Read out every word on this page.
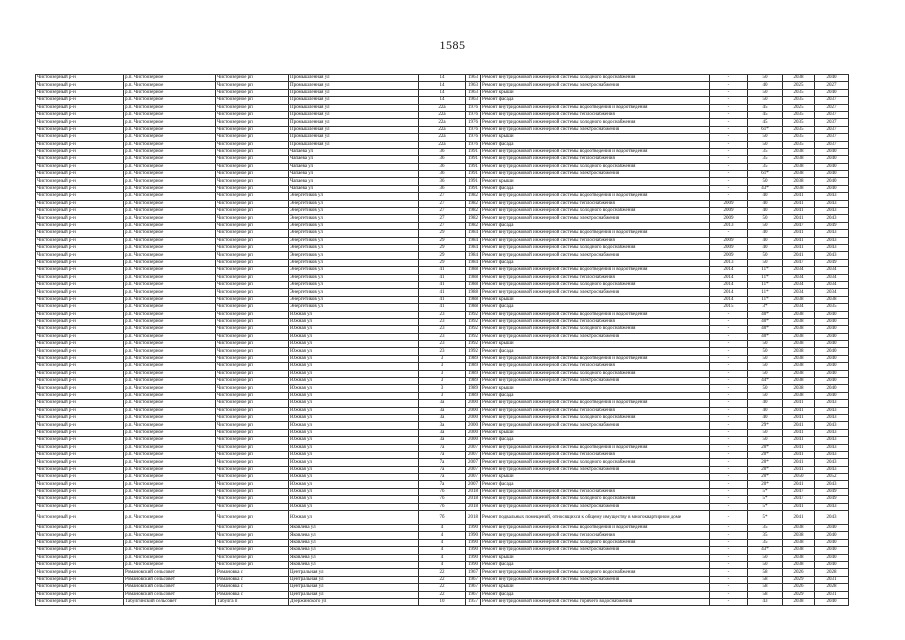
1585
Чистоозерный р-н	р.п. Чистоозерное	Чистоозерное рп	Промышленная ул	14	1963	Ремонт внутридомовой инженерной системы холодного водоснабжения	-	50	2038	2040
Чистоозерный р-н	р.п. Чистоозерное	Чистоозерное рп	Промышленная ул	14	1963	Ремонт внутридомовой инженерной системы электроснабжения	-	40	2025	2027
Чистоозерный р-н	р.п. Чистоозерное	Чистоозерное рп	Промышленная ул	14	1963	Ремонт крыши	-	50	2035	2040
Чистоозерный р-н	р.п. Чистоозерное	Чистоозерное рп	Промышленная ул	14	1963	Ремонт фасада	-	50	2035	2037
Чистоозерный р-н	р.п. Чистоозерное	Чистоозерное рп	Промышленная ул	22а	1976	Ремонт внутридомовой инженерной системы водоотведения и водоотведения	-	45	2025	2027
Чистоозерный р-н	р.п. Чистоозерное	Чистоозерное рп	Промышленная ул	22а	1976	Ремонт внутридомовой инженерной системы теплоснабжения	-	45	2035	2037
Чистоозерный р-н	р.п. Чистоозерное	Чистоозерное рп	Промышленная ул	22а	1976	Ремонт внутридомовой инженерной системы холодного водоснабжения	-	45	2035	2037
Чистоозерный р-н	р.п. Чистоозерное	Чистоозерное рп	Промышленная ул	22а	1976	Ремонт внутридомовой инженерной системы электроснабжения	-	61*	2035	2037
Чистоозерный р-н	р.п. Чистоозерное	Чистоозерное рп	Промышленная ул	22а	1976	Ремонт крыши	-	50	2035	2037
Чистоозерный р-н	р.п. Чистоозерное	Чистоозерное рп	Промышленная ул	22а	1976	Ремонт фасада	-	50	2035	2037
Чистоозерный р-н	р.п. Чистоозерное	Чистоозерное рп	Чапаева ул	36	1991	Ремонт внутридомовой инженерной системы водоотведения и водоотведения	-	35	2038	2040
Чистоозерный р-н	р.п. Чистоозерное	Чистоозерное рп	Чапаева ул	36	1991	Ремонт внутридомовой инженерной системы теплоснабжения	-	35	2038	2040
Чистоозерный р-н	р.п. Чистоозерное	Чистоозерное рп	Чапаева ул	36	1991	Ремонт внутридомовой инженерной системы холодного водоснабжения	-	35	2038	2040
Чистоозерный р-н	р.п. Чистоозерное	Чистоозерное рп	Чапаева ул	36	1991	Ремонт внутридомовой инженерной системы электроснабжения	-	61*	2038	2040
Чистоозерный р-н	р.п. Чистоозерное	Чистоозерное рп	Чапаева ул	36	1991	Ремонт крыши	-	50	2038	2040
Чистоозерный р-н	р.п. Чистоозерное	Чистоозерное рп	Чапаева ул	36	1991	Ремонт фасада	-	43*	2038	2040
Чистоозерный р-н	р.п. Чистоозерное	Чистоозерное рп	Энергетиков ул	27	1982	Ремонт внутридомовой инженерной системы водоотведения и водоотведения	-	40	2041	2043
Чистоозерный р-н	р.п. Чистоозерное	Чистоозерное рп	Энергетиков ул	27	1982	Ремонт внутридомовой инженерной системы теплоснабжения	2009	40	2041	2043
Чистоозерный р-н	р.п. Чистоозерное	Чистоозерное рп	Энергетиков ул	27	1982	Ремонт внутридомовой инженерной системы холодного водоснабжения	2009	40	2041	2043
Чистоозерный р-н	р.п. Чистоозерное	Чистоозерное рп	Энергетиков ул	27	1982	Ремонт внутридомовой инженерной системы электроснабжения	2009	50	2041	2043
Чистоозерный р-н	р.п. Чистоозерное	Чистоозерное рп	Энергетиков ул	27	1982	Ремонт фасада	2013	50	2047	2049
Чистоозерный р-н	р.п. Чистоозерное	Чистоозерное рп	Энергетиков ул	29	1984	Ремонт внутридомовой инженерной системы водоотведения и водоотведения	-	40	2041	2043
Чистоозерный р-н	р.п. Чистоозерное	Чистоозерное рп	Энергетиков ул	29	1984	Ремонт внутридомовой инженерной системы теплоснабжения	2009	40	2041	2043
Чистоозерный р-н	р.п. Чистоозерное	Чистоозерное рп	Энергетиков ул	29	1984	Ремонт внутридомовой инженерной системы холодного водоснабжения	2009	40	2041	2043
Чистоозерный р-н	р.п. Чистоозерное	Чистоозерное рп	Энергетиков ул	29	1984	Ремонт внутридомовой инженерной системы электроснабжения	2009	50	2041	2043
Чистоозерный р-н	р.п. Чистоозерное	Чистоозерное рп	Энергетиков ул	29	1984	Ремонт фасада	2013	50	2047	2049
Чистоозерный р-н	р.п. Чистоозерное	Чистоозерное рп	Энергетиков ул	41	1988	Ремонт внутридомовой инженерной системы водоотведения и водоотведения	2014	11*	2034	2034
Чистоозерный р-н	р.п. Чистоозерное	Чистоозерное рп	Энергетиков ул	41	1988	Ремонт внутридомовой инженерной системы теплоснабжения	2014	11*	2034	2034
Чистоозерный р-н	р.п. Чистоозерное	Чистоозерное рп	Энергетиков ул	41	1988	Ремонт внутридомовой инженерной системы холодного водоснабжения	2014	11*	2034	2034
Чистоозерный р-н	р.п. Чистоозерное	Чистоозерное рп	Энергетиков ул	41	1988	Ремонт внутридомовой инженерной системы электроснабжения	2014	11*	2034	2034
Чистоозерный р-н	р.п. Чистоозерное	Чистоозерное рп	Энергетиков ул	41	1988	Ремонт крыши	2014	11*	2038	2038
Чистоозерный р-н	р.п. Чистоозерное	Чистоозерное рп	Энергетиков ул	41	1988	Ремонт фасада	2015	3*	2034	2035
Чистоозерный р-н	р.п. Чистоозерное	Чистоозерное рп	Южная ул	23	1992	Ремонт внутридомовой инженерной системы водоотведения и водоотведения	-	40*	2038	2040
Чистоозерный р-н	р.п. Чистоозерное	Чистоозерное рп	Южная ул	23	1992	Ремонт внутридомовой инженерной системы теплоснабжения	-	40*	2038	2040
Чистоозерный р-н	р.п. Чистоозерное	Чистоозерное рп	Южная ул	23	1992	Ремонт внутридомовой инженерной системы холодного водоснабжения	-	40*	2038	2040
Чистоозерный р-н	р.п. Чистоозерное	Чистоозерное рп	Южная ул	23	1992	Ремонт внутридомовой инженерной системы электроснабжения	-	40*	2038	2040
Чистоозерный р-н	р.п. Чистоозерное	Чистоозерное рп	Южная ул	23	1992	Ремонт крыши	-	50	2038	2040
Чистоозерный р-н	р.п. Чистоозерное	Чистоозерное рп	Южная ул	23	1992	Ремонт фасада	-	50	2038	2040
Чистоозерный р-н	р.п. Чистоозерное	Чистоозерное рп	Южная ул	3	1989	Ремонт внутридомовой инженерной системы водоотведения и водоотведения	-	50	2038	2040
Чистоозерный р-н	р.п. Чистоозерное	Чистоозерное рп	Южная ул	3	1989	Ремонт внутридомовой инженерной системы теплоснабжения	-	50	2038	2040
Чистоозерный р-н	р.п. Чистоозерное	Чистоозерное рп	Южная ул	3	1989	Ремонт внутридомовой инженерной системы холодного водоснабжения	-	50	2038	2040
Чистоозерный р-н	р.п. Чистоозерное	Чистоозерное рп	Южная ул	3	1989	Ремонт внутридомовой инженерной системы электроснабжения	-	44*	2038	2040
Чистоозерный р-н	р.п. Чистоозерное	Чистоозерное рп	Южная ул	3	1989	Ремонт крыши	-	50	2038	2040
Чистоозерный р-н	р.п. Чистоозерное	Чистоозерное рп	Южная ул	3	1989	Ремонт фасада	-	50	2038	2040
Чистоозерный р-н	р.п. Чистоозерное	Чистоозерное рп	Южная ул	3а	2000	Ремонт внутридомовой инженерной системы водоотведения и водоотведения	-	40	2041	2043
Чистоозерный р-н	р.п. Чистоозерное	Чистоозерное рп	Южная ул	3а	2000	Ремонт внутридомовой инженерной системы теплоснабжения	-	40	2041	2043
Чистоозерный р-н	р.п. Чистоозерное	Чистоозерное рп	Южная ул	3а	2000	Ремонт внутридомовой инженерной системы холодного водоснабжения	-	40	2041	2043
Чистоозерный р-н	р.п. Чистоозерное	Чистоозерное рп	Южная ул	3а	2000	Ремонт внутридомовой инженерной системы электроснабжения	-	29*	2041	2043
Чистоозерный р-н	р.п. Чистоозерное	Чистоозерное рп	Южная ул	3а	2000	Ремонт крыши	-	50	2041	2043
Чистоозерный р-н	р.п. Чистоозерное	Чистоозерное рп	Южная ул	3а	2000	Ремонт фасада	-	50	2041	2043
Чистоозерный р-н	р.п. Чистоозерное	Чистоозерное рп	Южная ул	7а	2007	Ремонт внутридомовой инженерной системы водоотведения и водоотведения	-	20*	2041	2043
Чистоозерный р-н	р.п. Чистоозерное	Чистоозерное рп	Южная ул	7а	2007	Ремонт внутридомовой инженерной системы теплоснабжения	-	20*	2041	2043
Чистоозерный р-н	р.п. Чистоозерное	Чистоозерное рп	Южная ул	7а	2007	Ремонт внутридомовой инженерной системы холодного водоснабжения	-	20*	2041	2043
Чистоозерный р-н	р.п. Чистоозерное	Чистоозерное рп	Южная ул	7а	2007	Ремонт внутридомовой инженерной системы электроснабжения	-	20*	2041	2043
Чистоозерный р-н	р.п. Чистоозерное	Чистоозерное рп	Южная ул	7а	2007	Ремонт крыши	-	20*	2050	2052
Чистоозерный р-н	р.п. Чистоозерное	Чистоозерное рп	Южная ул	7а	2007	Ремонт фасада	-	20*	2041	2043
Чистоозерный р-н	р.п. Чистоозерное	Чистоозерное рп	Южная ул	7б	2018	Ремонт внутридомовой инженерной системы теплоснабжения	-	5*	2047	2049
Чистоозерный р-н	р.п. Чистоозерное	Чистоозерное рп	Южная ул	7б	2018	Ремонт внутридомовой инженерной системы холодного водоснабжения	-	5*	2047	2049
Чистоозерный р-н	р.п. Чистоозерное	Чистоозерное рп	Южная ул	7б	2018	Ремонт внутридомовой инженерной системы электроснабжения	-	5*	2041	2043
Чистоозерный р-н	р.п. Чистоозерное	Чистоозерное рп	Южная ул	7б	2018	Ремонт подвальных помещений, относящихся к общему имуществу в многоквартирном доме	-	5*	2041	2043
Чистоозерный р-н	р.п. Чистоозерное	Чистоозерное рп	Яковлева ул	4	1990	Ремонт внутридомовой инженерной системы водоотведения и водоотведения	-	35	2038	2040
Чистоозерный р-н	р.п. Чистоозерное	Чистоозерное рп	Яковлева ул	4	1990	Ремонт внутридомовой инженерной системы теплоснабжения	-	35	2038	2040
Чистоозерный р-н	р.п. Чистоозерное	Чистоозерное рп	Яковлева ул	4	1990	Ремонт внутридомовой инженерной системы холодного водоснабжения	-	35	2038	2040
Чистоозерный р-н	р.п. Чистоозерное	Чистоозерное рп	Яковлева ул	4	1990	Ремонт внутридомовой инженерной системы электроснабжения	-	43*	2038	2040
Чистоозерный р-н	р.п. Чистоозерное	Чистоозерное рп	Яковлева ул	4	1990	Ремонт крыши	-	50	2038	2040
Чистоозерный р-н	р.п. Чистоозерное	Чистоозерное рп	Яковлева ул	4	1990	Ремонт фасада	-	50	2038	2040
Чистоозерный р-н	Романовский сельсовет	Романовка с	Центральная ул	22	1967	Ремонт внутридомовой инженерной системы холодного водоснабжения	-	58	2026	2028
Чистоозерный р-н	Романовский сельсовет	Романовка с	Центральная ул	22	1967	Ремонт внутридомовой инженерной системы электроснабжения	-	58	2029	2031
Чистоозерный р-н	Романовский сельсовет	Романовка с	Центральная ул	22	1967	Ремонт крыши	-	58	2026	2028
Чистоозерный р-н	Романовский сельсовет	Романовка с	Центральная ул	22	1967	Ремонт фасада	-	58	2029	2031
Чистоозерный р-н	Табулгинский сельсовет	Табулга п	Дзержинского ул	10	1957	Ремонт внутридомовой инженерной системы горячего водоснабжения	-	43	2038	2040
